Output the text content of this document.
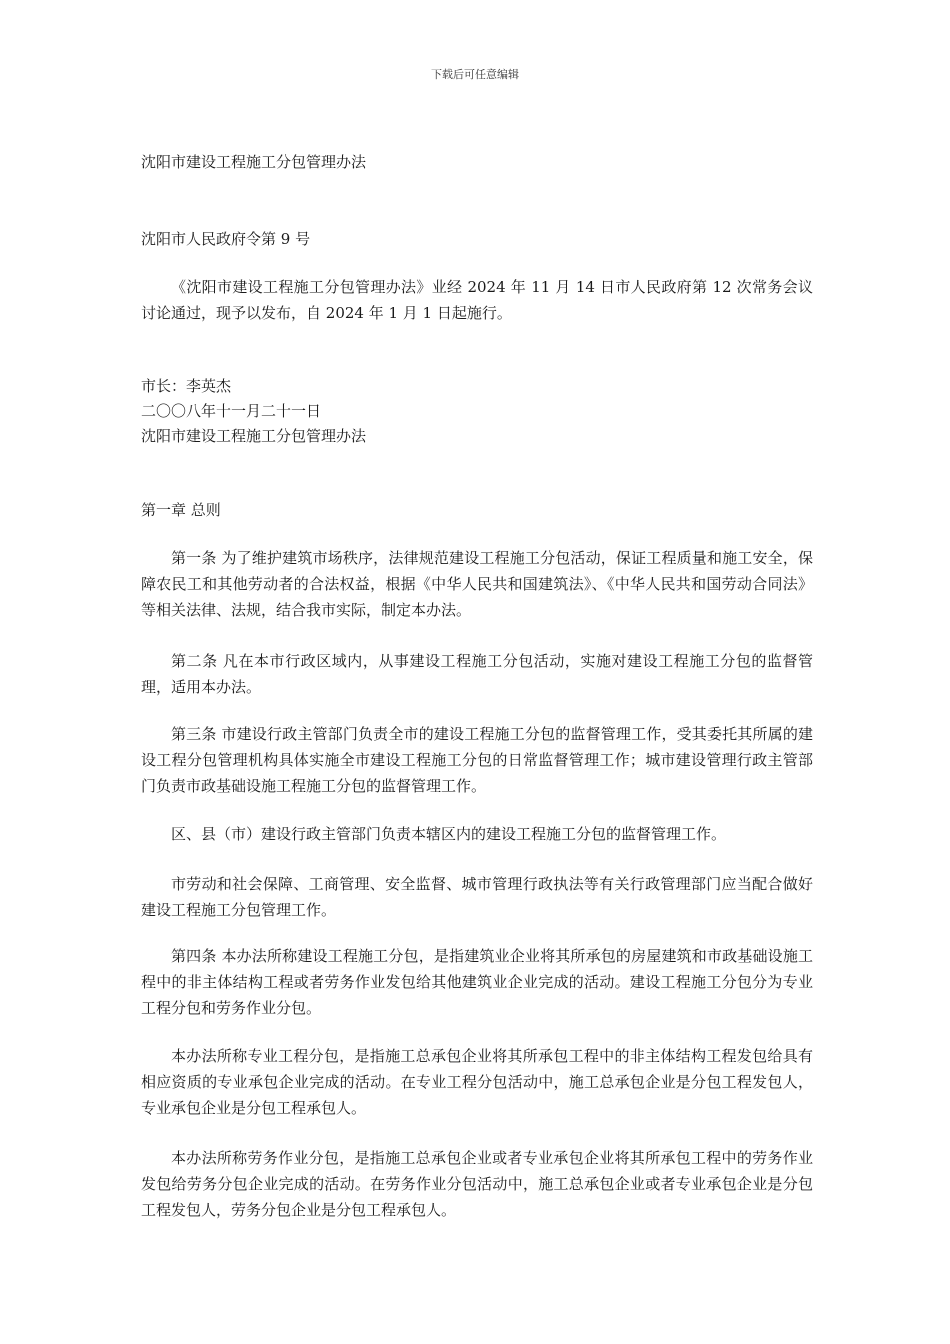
下载后可任意编辑
沈阳市建设工程施工分包管理办法
沈阳市人民政府令第 9 号
《沈阳市建设工程施工分包管理办法》业经 2024 年 11 月 14 日市人民政府第 12 次常务会议讨论通过，现予以发布，自 2024 年 1 月 1 日起施行。
市长：李英杰
二〇〇八年十一月二十一日
沈阳市建设工程施工分包管理办法
第一章 总则
第一条 为了维护建筑市场秩序，法律规范建设工程施工分包活动，保证工程质量和施工安全，保障农民工和其他劳动者的合法权益，根据《中华人民共和国建筑法》、《中华人民共和国劳动合同法》等相关法律、法规，结合我市实际，制定本办法。
第二条 凡在本市行政区域内，从事建设工程施工分包活动，实施对建设工程施工分包的监督管理，适用本办法。
第三条 市建设行政主管部门负责全市的建设工程施工分包的监督管理工作，受其委托其所属的建设工程分包管理机构具体实施全市建设工程施工分包的日常监督管理工作；城市建设管理行政主管部门负责市政基础设施工程施工分包的监督管理工作。
区、县（市）建设行政主管部门负责本辖区内的建设工程施工分包的监督管理工作。
市劳动和社会保障、工商管理、安全监督、城市管理行政执法等有关行政管理部门应当配合做好建设工程施工分包管理工作。
第四条 本办法所称建设工程施工分包，是指建筑业企业将其所承包的房屋建筑和市政基础设施工程中的非主体结构工程或者劳务作业发包给其他建筑业企业完成的活动。建设工程施工分包分为专业工程分包和劳务作业分包。
本办法所称专业工程分包，是指施工总承包企业将其所承包工程中的非主体结构工程发包给具有相应资质的专业承包企业完成的活动。在专业工程分包活动中，施工总承包企业是分包工程发包人，专业承包企业是分包工程承包人。
本办法所称劳务作业分包，是指施工总承包企业或者专业承包企业将其所承包工程中的劳务作业发包给劳务分包企业完成的活动。在劳务作业分包活动中，施工总承包企业或者专业承包企业是分包工程发包人，劳务分包企业是分包工程承包人。
